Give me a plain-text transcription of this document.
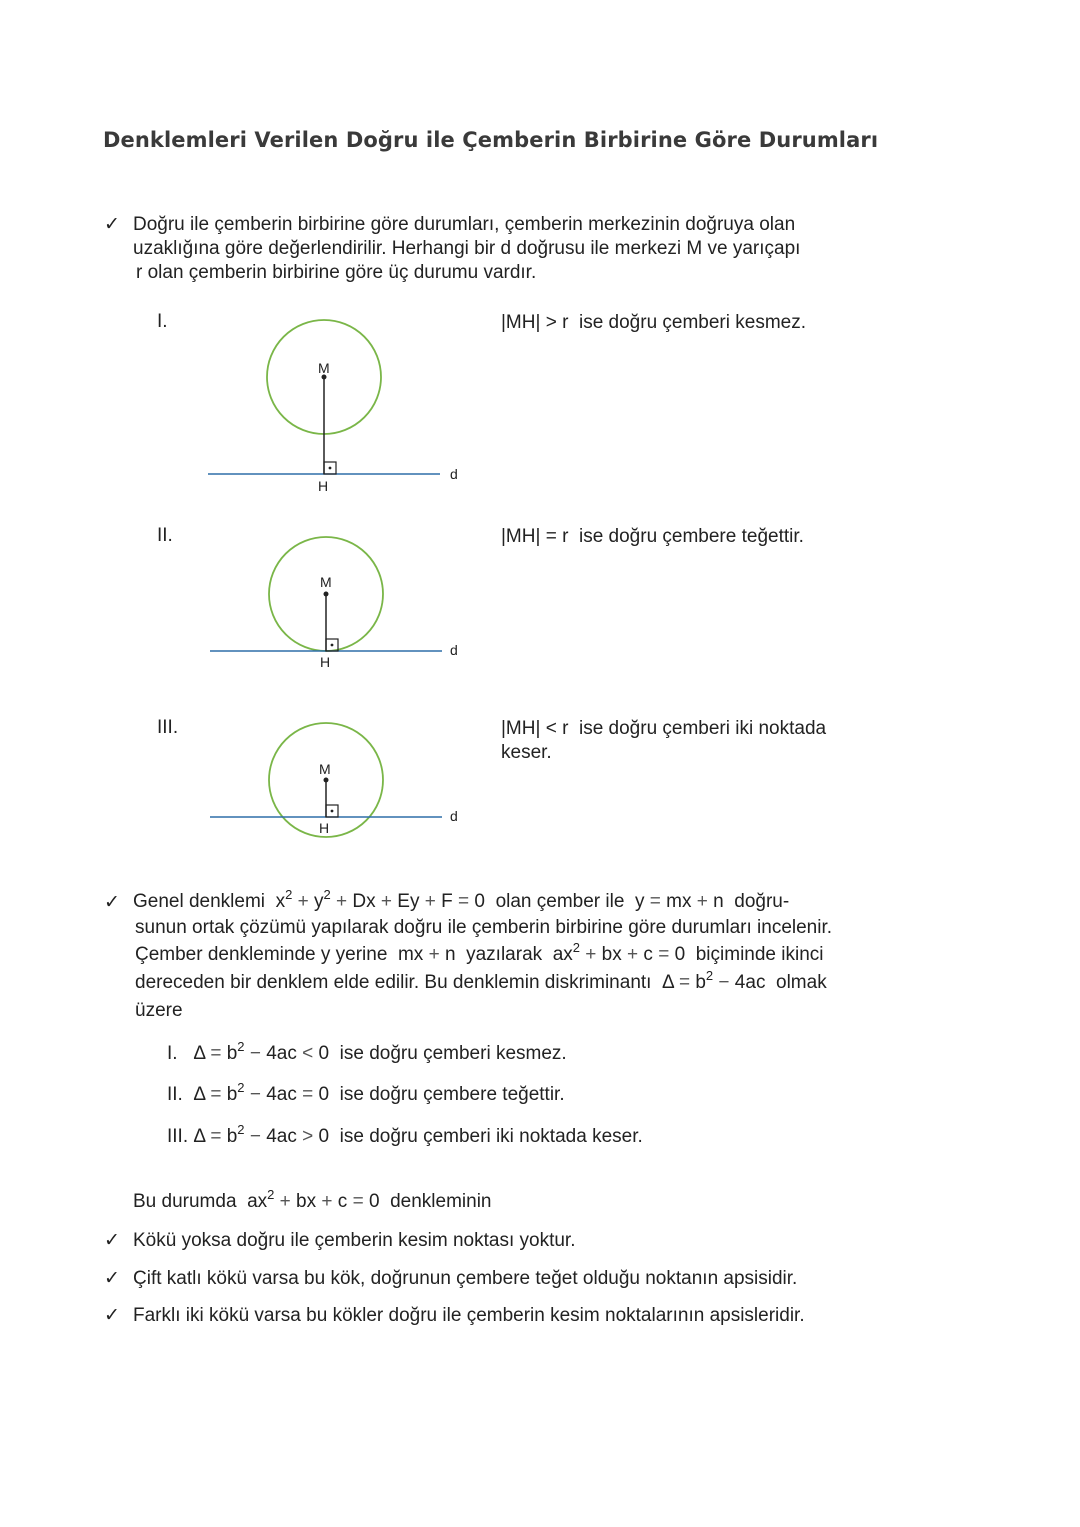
Denklemleri Verilen Doğru ile Çemberin Birbirine Göre Durumları
✓ Doğru ile çemberin birbirine göre durumları, çemberin merkezinin doğruya olan
uzaklığına göre değerlendirilir. Herhangi bir d doğrusu ile merkezi M ve yarıçapı
r olan çemberin birbirine göre üç durumu vardır.
I.
M
H
d
|MH| > r ise doğru çemberi kesmez.
II.
M
H
d
|MH| = r ise doğru çembere teğettir.
III.
M
H
d
|MH| < r ise doğru çemberi iki noktada
keser.
✓ Genel denklemi $x^2 + y^2 + Dx + Ey + F = 0$ olan çember ile y = mx + n doğru-
sunun ortak çözümü yapılarak doğru ile çemberin birbirine göre durumları incelenir.
Çember denkleminde y yerine mx + n yazılarak $ax^2$ + bx + c = 0 biçiminde ikinci
dereceden bir denklem elde edilir. Bu denklemin diskriminantı $\Delta = b^2 - 4ac$ olmak
üzere
I. $\Delta = b^2 - 4ac < 0$ ise doğru çemberi kesmez.
II. $\Delta = b^2 - 4ac = 0$ ise doğru çembere teğettir.
III. $\Delta = b^2 - 4ac > 0$ ise doğru çemberi iki noktada keser.
Bu durumda $ax^2$ + bx + c = 0 denkleminin
✓ Kökü yoksa doğru ile çemberin kesim noktası yoktur.
✓ Çift katlı kökü varsa bu kök, doğrunun çembere teğet olduğu noktanın apsisidir.
✓ Farklı iki kökü varsa bu kökler doğru ile çemberin kesim noktalarının apsisleridir.
